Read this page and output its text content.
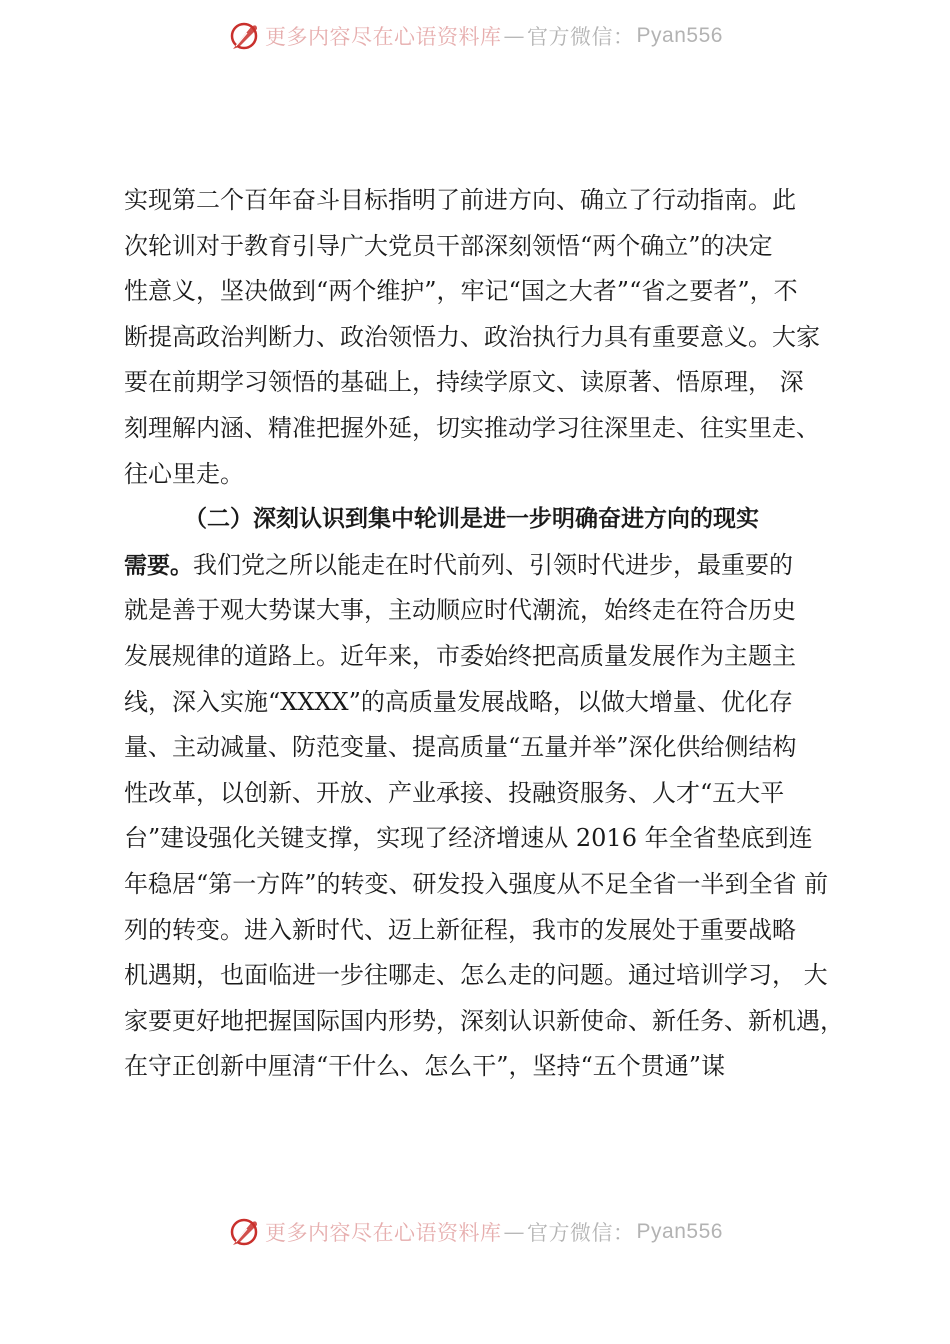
更多内容尽在心语资料库 — 官方微信： Pyan556
实现第二个百年奋斗目标指明了前进方向、确立了行动指南。此
次轮训对于教育引导广大党员干部深刻领悟“两个确立”的决定
性意义，坚决做到“两个维护”，牢记“国之大者”“省之要者”，不
断提高政治判断力、政治领悟力、政治执行力具有重要意义。大家
要在前期学习领悟的基础上，持续学原文、读原著、悟原理， 深
刻理解内涵、精准把握外延，切实推动学习往深里走、往实里走、
往心里走。
（二）深刻认识到集中轮训是进一步明确奋进方向的现实
需要。我们党之所以能走在时代前列、引领时代进步，最重要的
就是善于观大势谋大事，主动顺应时代潮流，始终走在符合历史
发展规律的道路上。近年来，市委始终把高质量发展作为主题主
线，深入实施“XXXX”的高质量发展战略，以做大增量、优化存
量、主动减量、防范变量、提高质量“五量并举”深化供给侧结构
性改革，以创新、开放、产业承接、投融资服务、人才“五大平
台”建设强化关键支撑，实现了经济增速从 2016 年全省垫底到连
年稳居“第一方阵”的转变、研发投入强度从不足全省一半到全省 前
列的转变。进入新时代、迈上新征程，我市的发展处于重要战略
机遇期，也面临进一步往哪走、怎么走的问题。通过培训学习， 大
家要更好地把握国际国内形势，深刻认识新使命、新任务、新机遇，
在守正创新中厘清“干什么、怎么干”，坚持“五个贯通”谋
更多内容尽在心语资料库 — 官方微信： Pyan556
